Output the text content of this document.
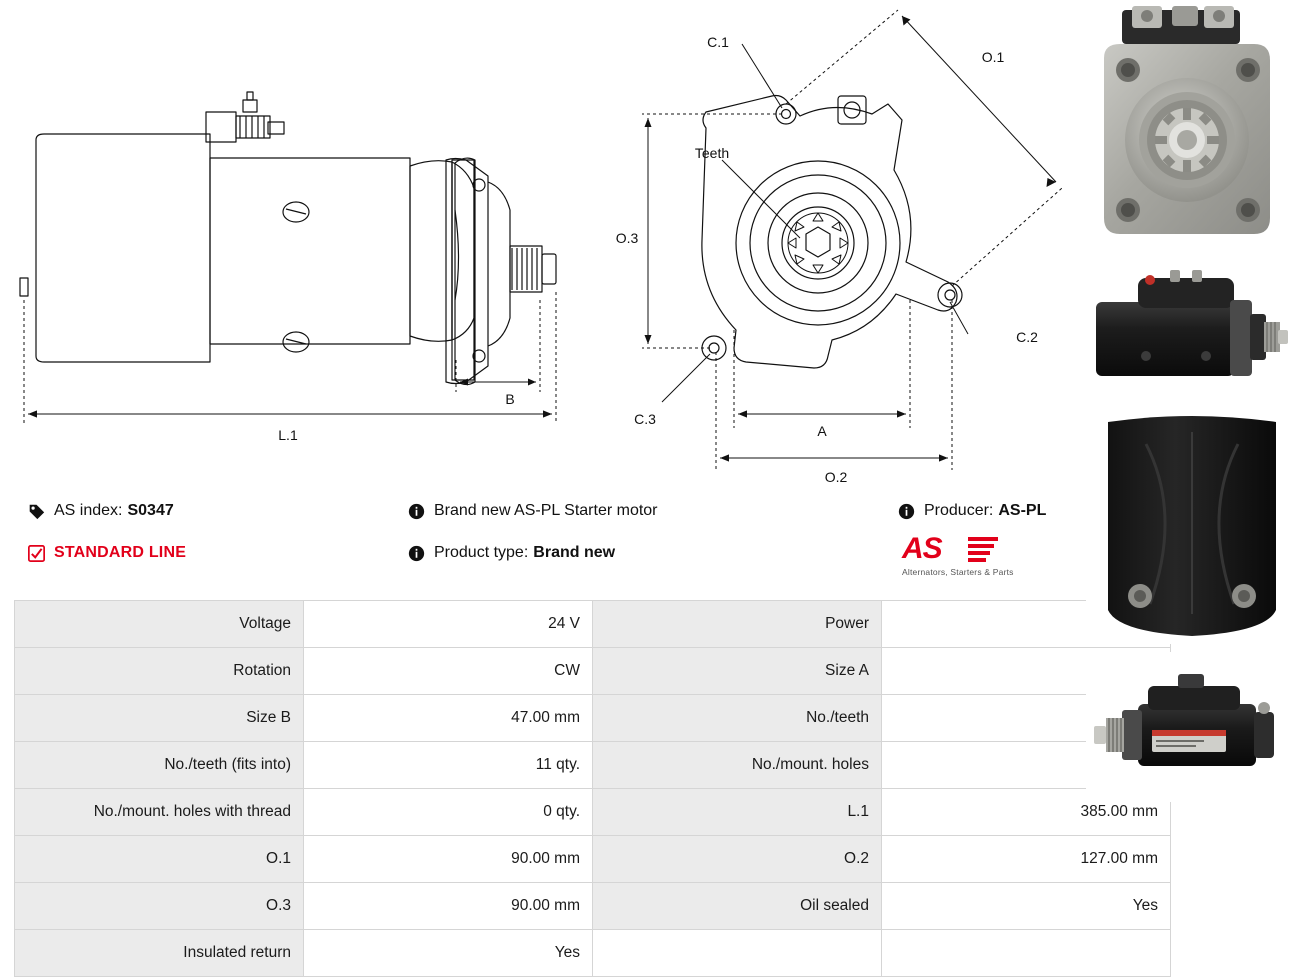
L.1
B
A
O.1
O.2
O.3
C.1
C.2
C.3
Teeth
AS index: S0347
STANDARD LINE
Brand new AS-PL Starter motor
Product type: Brand new
Producer: AS-PL
AS
Alternators, Starters & Parts
Voltage	24 V	Power	
Rotation	CW	Size A	
Size B	47.00 mm	No./teeth	
No./teeth (fits into)	11 qty.	No./mount. holes	
No./mount. holes with thread	0 qty.	L.1	385.00 mm
O.1	90.00 mm	O.2	127.00 mm
O.3	90.00 mm	Oil sealed	Yes
Insulated return	Yes		
